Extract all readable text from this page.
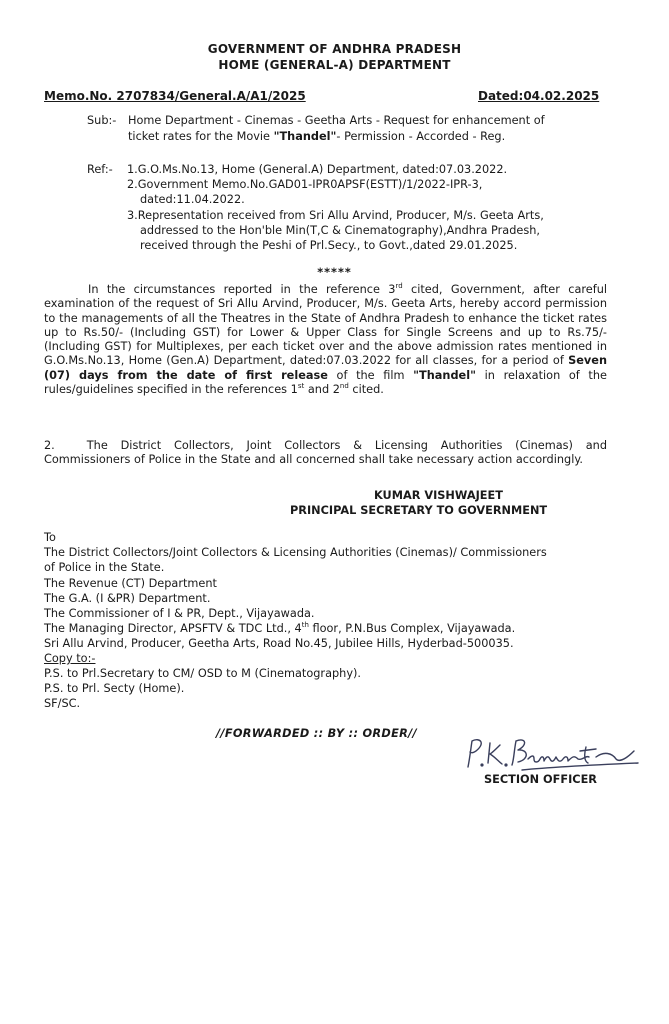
GOVERNMENT OF ANDHRA PRADESH
HOME (GENERAL-A) DEPARTMENT
Memo.No. 2707834/General.A/A1/2025	Dated:04.02.2025
Sub:- Home Department - Cinemas - Geetha Arts - Request for enhancement of
ticket rates for the Movie "Thandel"- Permission - Accorded - Reg.
Ref:- 1.G.O.Ms.No.13, Home (General.A) Department, dated:07.03.2022.
2.Government Memo.No.GAD01-IPR0APSF(ESTT)/1/2022-IPR-3,
dated:11.04.2022.
3.Representation received from Sri Allu Arvind, Producer, M/s. Geeta Arts,
addressed to the Hon'ble Min(T,C & Cinematography),Andhra Pradesh,
received through the Peshi of Prl.Secy., to Govt.,dated 29.01.2025.
*****
In the circumstances reported in the reference 3rd cited, Government, after careful examination of the request of Sri Allu Arvind, Producer, M/s. Geeta Arts, hereby accord permission to the managements of all the Theatres in the State of Andhra Pradesh to enhance the ticket rates up to Rs.50/- (Including GST) for Lower & Upper Class for Single Screens and up to Rs.75/- (Including GST) for Multiplexes, per each ticket over and the above admission rates mentioned in G.O.Ms.No.13, Home (Gen.A) Department, dated:07.03.2022 for all classes, for a period of Seven (07) days from the date of first release of the film "Thandel" in relaxation of the rules/guidelines specified in the references 1st and 2nd cited.
2.	The District Collectors, Joint Collectors & Licensing Authorities (Cinemas) and Commissioners of Police in the State and all concerned shall take necessary action accordingly.
KUMAR VISHWAJEET
PRINCIPAL SECRETARY TO GOVERNMENT
To
The District Collectors/Joint Collectors & Licensing Authorities (Cinemas)/ Commissioners
of Police in the State.
The Revenue (CT) Department
The G.A. (I &PR) Department.
The Commissioner of I & PR, Dept., Vijayawada.
The Managing Director, APSFTV & TDC Ltd., 4th floor, P.N.Bus Complex, Vijayawada.
Sri Allu Arvind, Producer, Geetha Arts, Road No.45, Jubilee Hills, Hyderbad-500035.
Copy to:-
P.S. to Prl.Secretary to CM/ OSD to M (Cinematography).
P.S. to Prl. Secty (Home).
SF/SC.
//FORWARDED :: BY :: ORDER//
SECTION OFFICER
